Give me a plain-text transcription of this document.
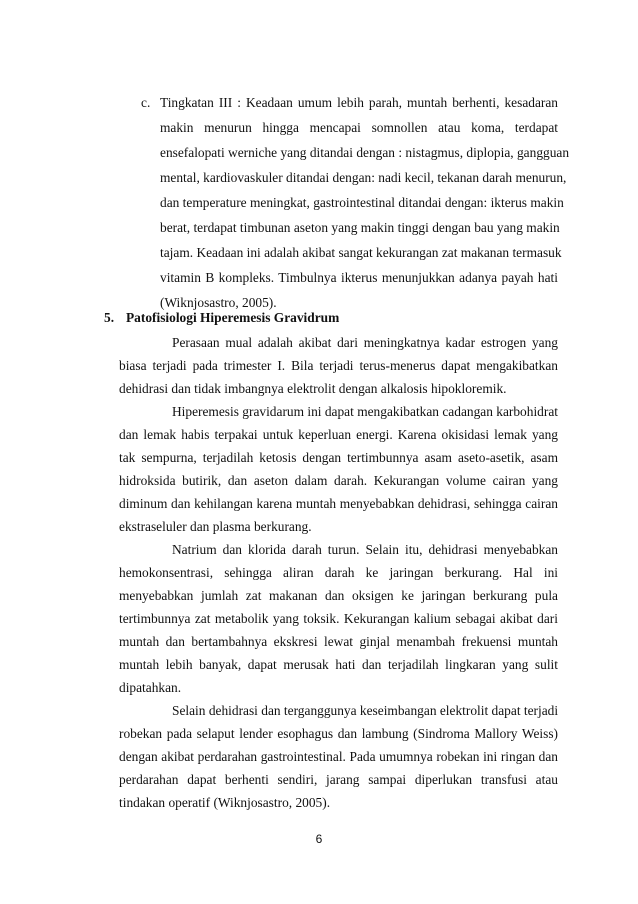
c. Tingkatan III : Keadaan umum lebih parah, muntah berhenti, kesadaran
makin menurun hingga mencapai somnollen atau koma, terdapat
ensefalopati werniche yang ditandai dengan : nistagmus, diplopia, gangguan
mental, kardiovaskuler ditandai dengan: nadi kecil, tekanan darah menurun,
dan temperature meningkat, gastrointestinal ditandai dengan: ikterus makin
berat, terdapat timbunan aseton yang makin tinggi dengan bau yang makin
tajam. Keadaan ini adalah akibat sangat kekurangan zat makanan termasuk
vitamin B kompleks. Timbulnya ikterus menunjukkan adanya payah hati
(Wiknjosastro, 2005).
5. Patofisiologi Hiperemesis Gravidrum
Perasaan mual adalah akibat dari meningkatnya kadar estrogen yang
biasa terjadi pada trimester I. Bila terjadi terus-menerus dapat mengakibatkan
dehidrasi dan tidak imbangnya elektrolit dengan alkalosis hipokloremik.
Hiperemesis gravidarum ini dapat mengakibatkan cadangan karbohidrat
dan lemak habis terpakai untuk keperluan energi. Karena okisidasi lemak yang
tak sempurna, terjadilah ketosis dengan tertimbunnya asam aseto-asetik, asam
hidroksida butirik, dan aseton dalam darah. Kekurangan volume cairan yang
diminum dan kehilangan karena muntah menyebabkan dehidrasi, sehingga cairan
ekstraseluler dan plasma berkurang.
Natrium dan klorida darah turun. Selain itu, dehidrasi menyebabkan
hemokonsentrasi, sehingga aliran darah ke jaringan berkurang. Hal ini
menyebabkan jumlah zat makanan dan oksigen ke jaringan berkurang pula
tertimbunnya zat metabolik yang toksik. Kekurangan kalium sebagai akibat dari
muntah dan bertambahnya ekskresi lewat ginjal menambah frekuensi muntah
muntah lebih banyak, dapat merusak hati dan terjadilah lingkaran yang sulit
dipatahkan.
Selain dehidrasi dan terganggunya keseimbangan elektrolit dapat terjadi
robekan pada selaput lender esophagus dan lambung (Sindroma Mallory Weiss)
dengan akibat perdarahan gastrointestinal. Pada umumnya robekan ini ringan dan
perdarahan dapat berhenti sendiri, jarang sampai diperlukan transfusi atau
tindakan operatif (Wiknjosastro, 2005).
6
